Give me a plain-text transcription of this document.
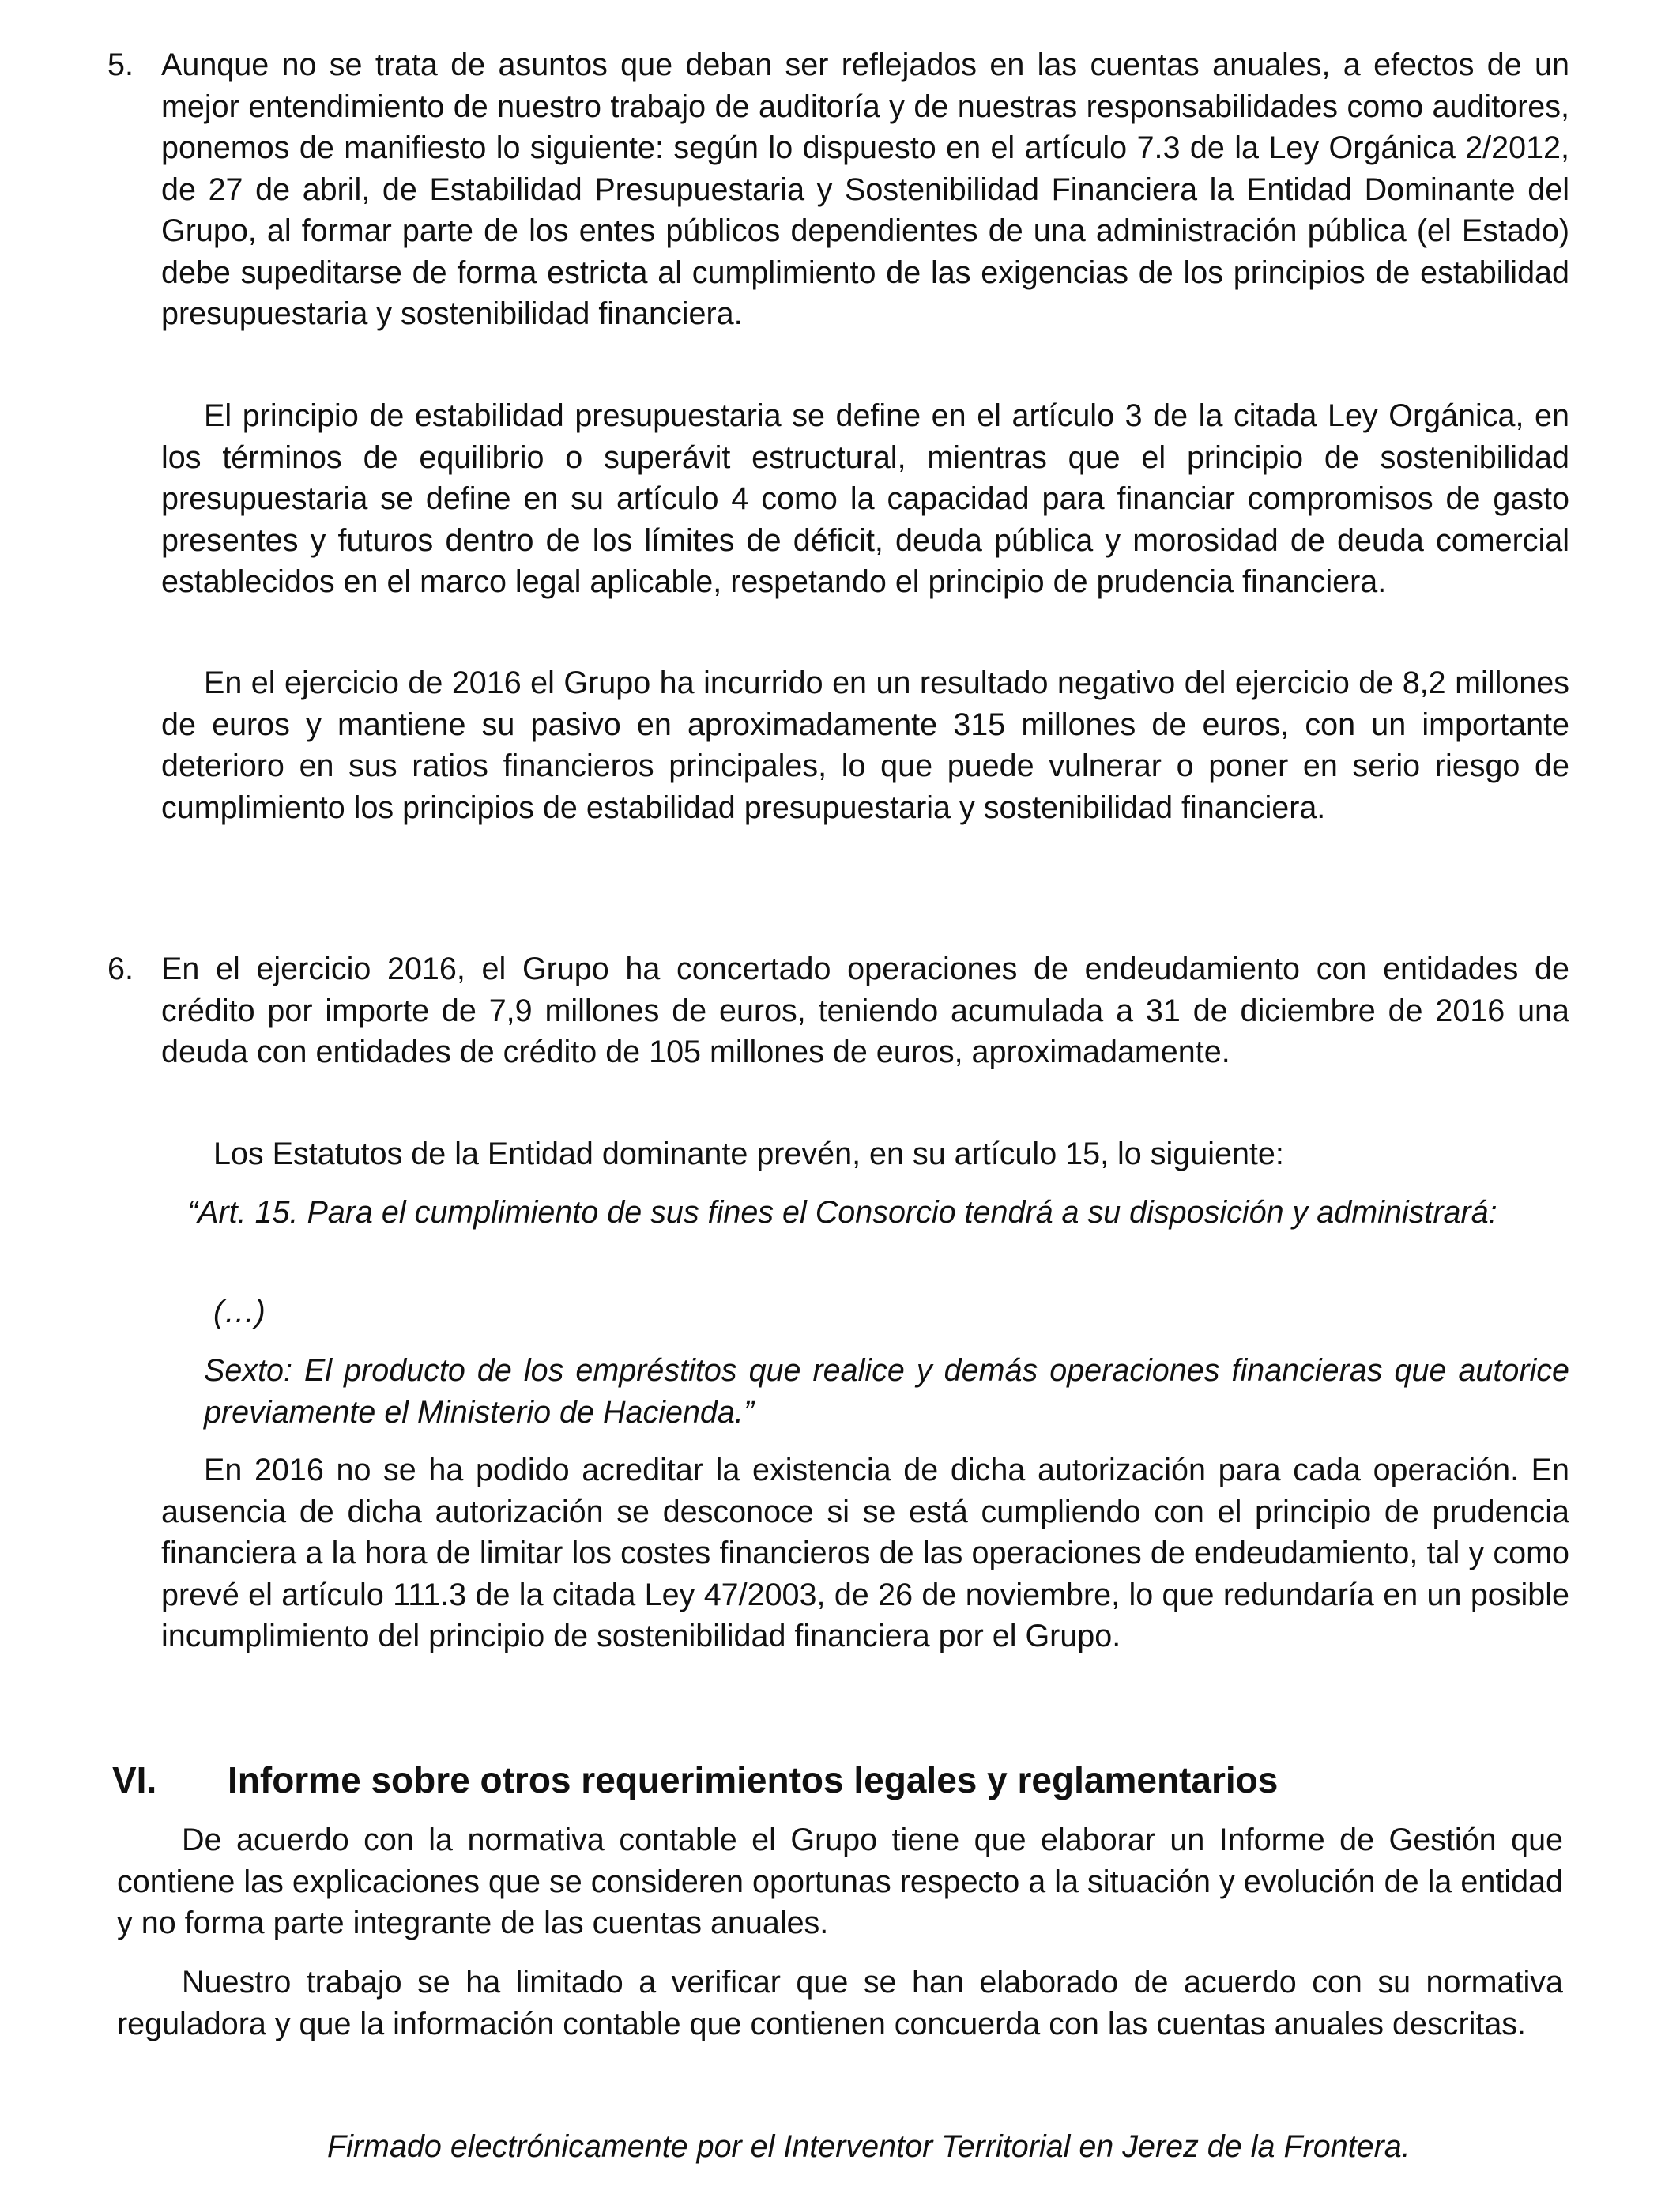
5. Aunque no se trata de asuntos que deban ser reflejados en las cuentas anuales, a efectos de un mejor entendimiento de nuestro trabajo de auditoría y de nuestras responsabilidades como auditores, ponemos de manifiesto lo siguiente: según lo dispuesto en el artículo 7.3 de la Ley Orgánica 2/2012, de 27 de abril, de Estabilidad Presupuestaria y Sostenibilidad Financiera la Entidad Dominante del Grupo, al formar parte de los entes públicos dependientes de una administración pública (el Estado) debe supeditarse de forma estricta al cumplimiento de las exigencias de los principios de estabilidad presupuestaria y sostenibilidad financiera.
El principio de estabilidad presupuestaria se define en el artículo 3 de la citada Ley Orgánica, en los términos de equilibrio o superávit estructural, mientras que el principio de sostenibilidad presupuestaria se define en su artículo 4 como la capacidad para financiar compromisos de gasto presentes y futuros dentro de los límites de déficit, deuda pública y morosidad de deuda comercial establecidos en el marco legal aplicable, respetando el principio de prudencia financiera.
En el ejercicio de 2016 el Grupo ha incurrido en un resultado negativo del ejercicio de 8,2 millones de euros y mantiene su pasivo en aproximadamente 315 millones de euros, con un importante deterioro en sus ratios financieros principales, lo que puede vulnerar o poner en serio riesgo de cumplimiento los principios de estabilidad presupuestaria y sostenibilidad financiera.
6. En el ejercicio 2016, el Grupo ha concertado operaciones de endeudamiento con entidades de crédito por importe de 7,9 millones de euros, teniendo acumulada a 31 de diciembre de 2016 una deuda con entidades de crédito de 105 millones de euros, aproximadamente.
Los Estatutos de la Entidad dominante prevén, en su artículo 15, lo siguiente:
“Art. 15. Para el cumplimiento de sus fines el Consorcio tendrá a su disposición y administrará:
(…)
Sexto: El producto de los empréstitos que realice y demás operaciones financieras que autorice previamente el Ministerio de Hacienda.”
En 2016 no se ha podido acreditar la existencia de dicha autorización para cada operación. En ausencia de dicha autorización se desconoce si se está cumpliendo con el principio de prudencia financiera a la hora de limitar los costes financieros de las operaciones de endeudamiento, tal y como prevé el artículo 111.3 de la citada Ley 47/2003, de 26 de noviembre, lo que redundaría en un posible incumplimiento del principio de sostenibilidad financiera por el Grupo.
VI. Informe sobre otros requerimientos legales y reglamentarios
De acuerdo con la normativa contable el Grupo tiene que elaborar un Informe de Gestión que contiene las explicaciones que se consideren oportunas respecto a la situación y evolución de la entidad y no forma parte integrante de las cuentas anuales.
Nuestro trabajo se ha limitado a verificar que se han elaborado de acuerdo con su normativa reguladora y que la información contable que contienen concuerda con las cuentas anuales descritas.
Firmado electrónicamente por el Interventor Territorial en Jerez de la Frontera.
